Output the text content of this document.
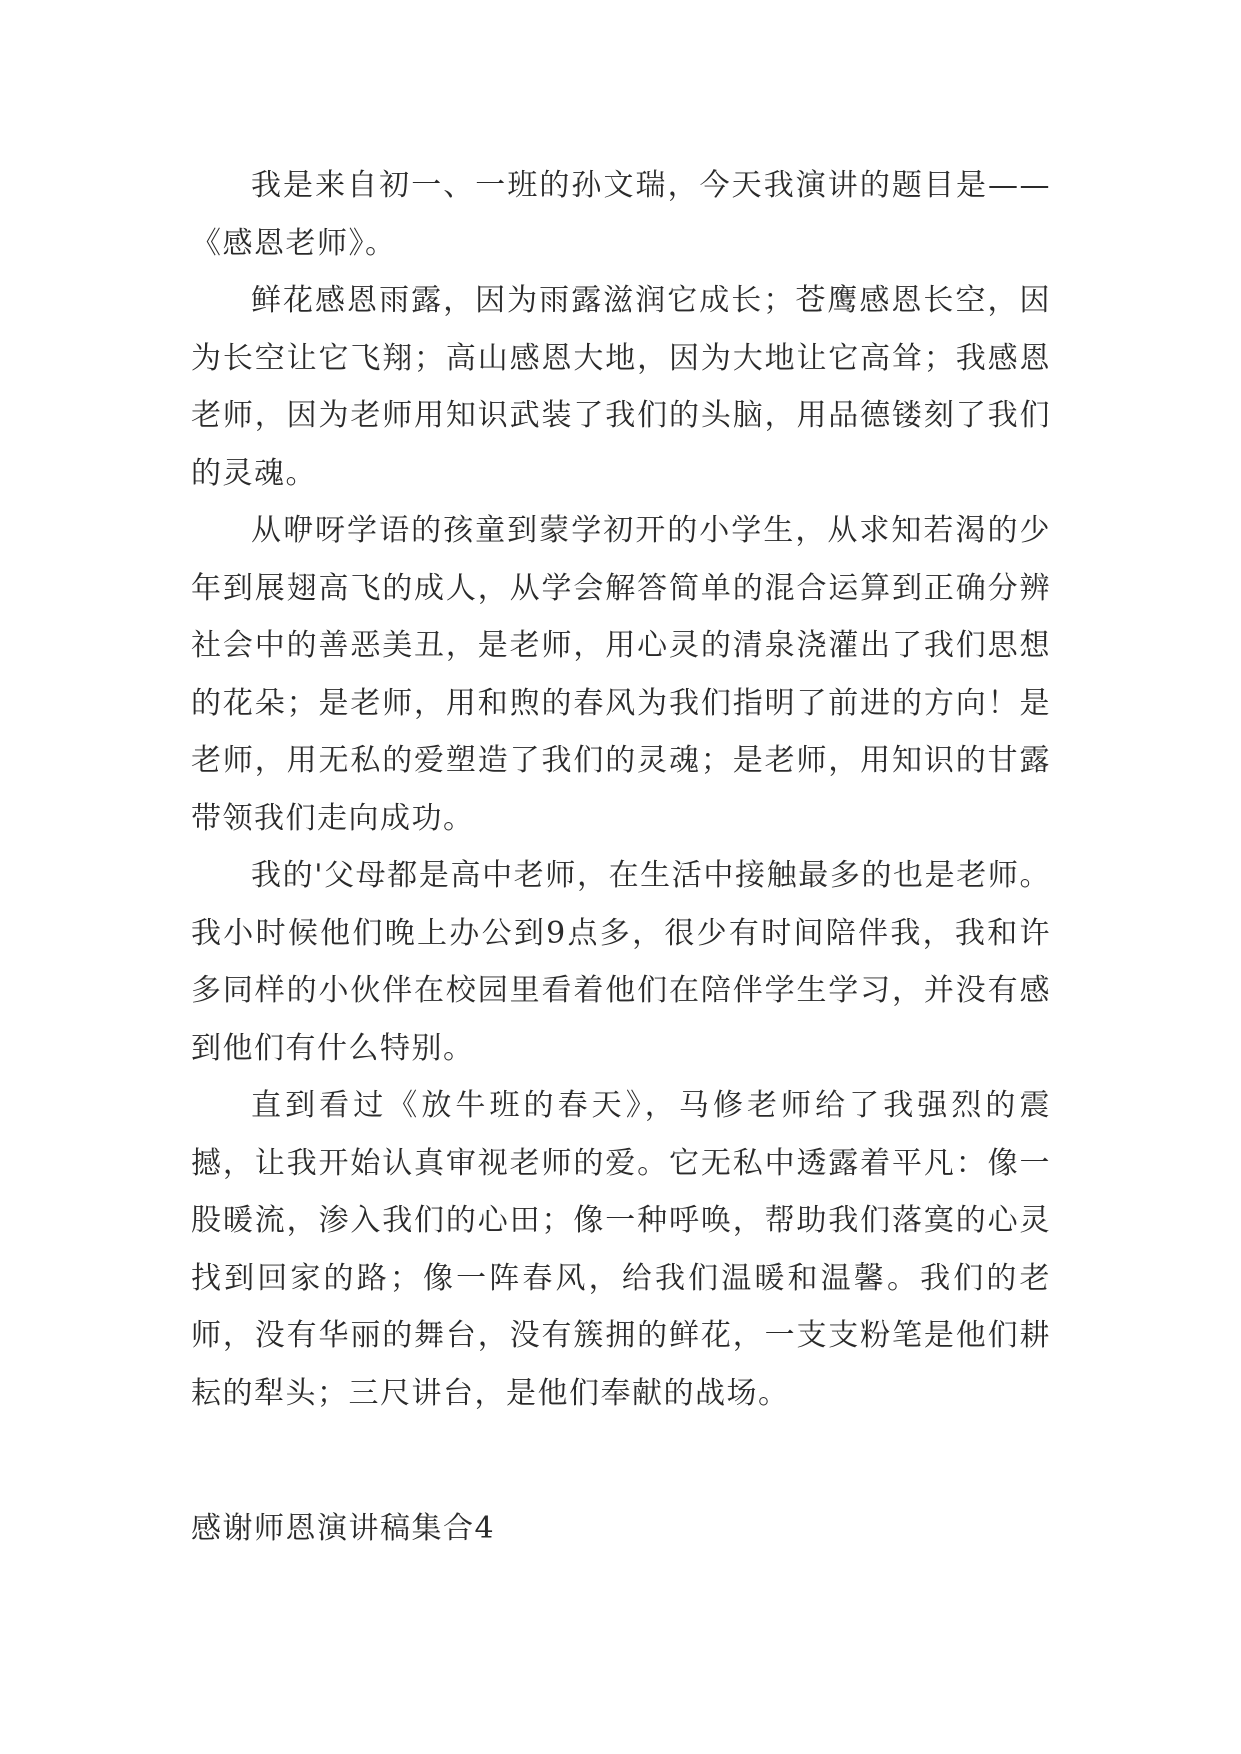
我是来自初一、一班的孙文瑞，今天我演讲的题目是——《感恩老师》。

鲜花感恩雨露，因为雨露滋润它成长；苍鹰感恩长空，因为长空让它飞翔；高山感恩大地，因为大地让它高耸；我感恩老师，因为老师用知识武装了我们的头脑，用品德镂刻了我们的灵魂。

从咿呀学语的孩童到蒙学初开的小学生，从求知若渴的少年到展翅高飞的成人，从学会解答简单的混合运算到正确分辨社会中的善恶美丑，是老师，用心灵的清泉浇灌出了我们思想的花朵；是老师，用和煦的春风为我们指明了前进的方向！是老师，用无私的爱塑造了我们的灵魂；是老师，用知识的甘露带领我们走向成功。

我的'父母都是高中老师，在生活中接触最多的也是老师。我小时候他们晚上办公到9点多，很少有时间陪伴我，我和许多同样的小伙伴在校园里看着他们在陪伴学生学习，并没有感到他们有什么特别。

直到看过《放牛班的春天》，马修老师给了我强烈的震撼，让我开始认真审视老师的爱。它无私中透露着平凡：像一股暖流，渗入我们的心田；像一种呼唤，帮助我们落寞的心灵找到回家的路；像一阵春风，给我们温暖和温馨。我们的老师，没有华丽的舞台，没有簇拥的鲜花，一支支粉笔是他们耕耘的犁头；三尺讲台，是他们奉献的战场。

感谢师恩演讲稿集合4
